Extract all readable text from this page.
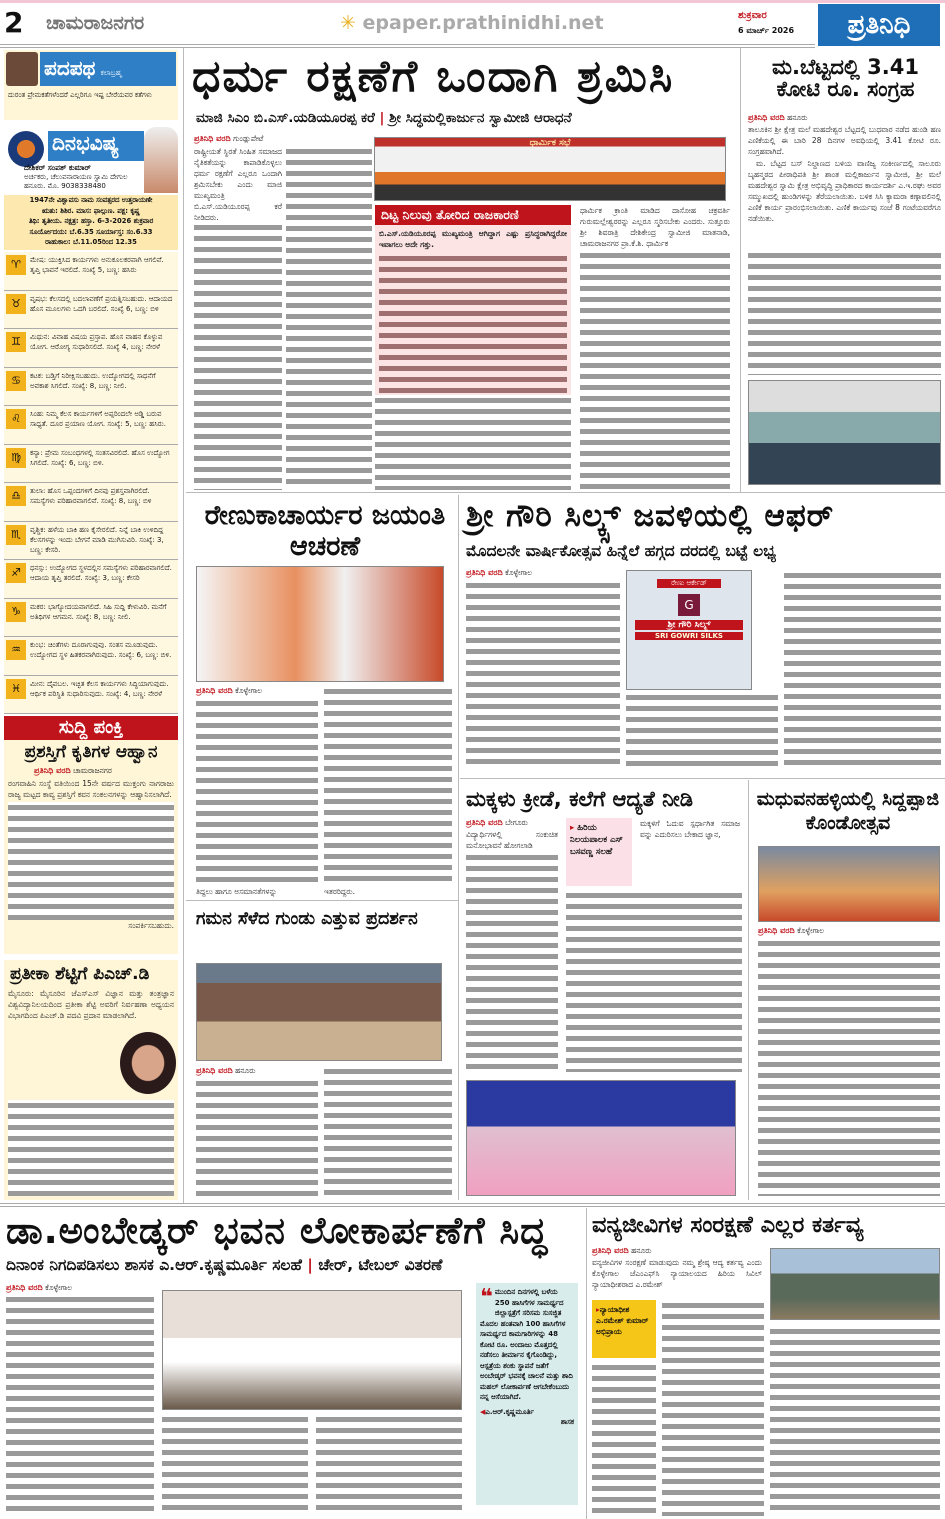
2 ಚಾಮರಾಜನಗರ	✳ epaper.prathinidhi.net	ಶುಕ್ರವಾರ
6 ಮಾರ್ಚ್ 2026	ಪ್ರತಿನಿಧಿ
ಪದಪಥ ಕಲಾಬ್ರಹ್ಮ
ದುರಂತ ಪ್ರೇಮಕತೆಗಳೆಂದರೆ ಎಲ್ಲರಿಗೂ ಇಷ್ಟ ಬೇರೆಯವರ ಕತೆಗಳು
ದಿನಭವಿಷ್ಯ
ದೇಶಿಕರ್ ಸಂಪತ್ ಕುಮಾರ್
ಅರ್ಚಕರು, ಚೆಲುವನಾರಾಯಣ ಸ್ವಾಮಿ ದೇಗುಲ ಹನೂರು. ಮೊ. 9038338480
1947ನೇ ವಿಶ್ವಾವಸು ನಾಮ ಸಂವತ್ಸರದ ಉತ್ತರಾಯಣೇ
ಋತು: ಶಿಶಿರ. ಮಾಸ: ಫಾಲ್ಗುಣ. ಪಕ್ಷ: ಕೃಷ್ಣ
ತಿಥಿ: ತೃತೀಯ. ನಕ್ಷತ್ರ: ಹಸ್ತಾ. 6-3-2026 ಶುಕ್ರವಾರ
ಸೂರ್ಯೋದಯ: ಬೆ.6.35 ಸೂರ್ಯಾಸ್ತ: ಸಂ.6.33
ರಾಹುಕಾಲ: ಬೆ.11.05ರಿಂದ 12.35
♈	ಮೇಷ: ಯುಕ್ತಿಸಿದ ಕಾರ್ಯಗಳು ಅನುಕೂಲಕರವಾಗಿ ಆಗಲಿವೆ. ತೃಪ್ತಿ ಭಾವನೆ ಇರಲಿದೆ. ಸಂಖ್ಯೆ 5, ಬಣ್ಣ: ಹಸಿರು
♉	ವೃಷಭ: ಕೆಲಸದಲ್ಲಿ ಬದಲಾವಣೆಗೆ ಪ್ರಯತ್ನಿಸಬಹುದು. ಆದಾಯದ ಹೊಸ ಮೂಲಗಳು ಒದಗಿ ಬರಲಿದೆ. ಸಂಖ್ಯೆ 6, ಬಣ್ಣ: ಬಿಳಿ
♊	ಮಿಥುನ: ವಿವಾಹ ವಿಷಯ ಪ್ರಸ್ತಾಪ. ಹೊಸ ವಾಹನ ಕೊಳ್ಳುವ ಯೋಗ. ಆರೋಗ್ಯ ಸುಧಾರಿಸಲಿದೆ. ಸಂಖ್ಯೆ 4, ಬಣ್ಣ: ನೇರಳೆ
♋	ಕಟಕ: ಬಡ್ತಿಗೆ ನಿರೀಕ್ಷಿಸಬಹುದು. ಉದ್ಯೋಗದಲ್ಲಿ ಸಾಧನೆಗೆ ಅವಕಾಶ ಸಿಗಲಿದೆ. ಸಂಖ್ಯೆ: 8, ಬಣ್ಣ: ನೀಲಿ.
♌	ಸಿಂಹ: ನಿಮ್ಮ ಕೆಲಸ ಕಾರ್ಯಗಳಿಗೆ ಅಪ್ಪರಿಂದಲೇ ಅಡ್ಡಿ ಬರುವ ಸಾಧ್ಯತೆ. ದೂರ ಪ್ರಯಾಣ ಯೋಗ. ಸಂಖ್ಯೆ: 5, ಬಣ್ಣ: ಹಸಿರು.
♍	ಕನ್ಯಾ: ಪ್ರೇಮ ಸಂಬಂಧಗಳಲ್ಲಿ ಸಂತಸವಿರಲಿದೆ. ಹೊಸ ಉದ್ಯೋಗ ಸಿಗಲಿದೆ. ಸಂಖ್ಯೆ: 6, ಬಣ್ಣ: ಬಿಳಿ.
♎	ತುಲಾ: ಹೊಸ ಒಪ್ಪಂದಗಳಿಗೆ ದಿನವು ಪ್ರಶಸ್ತವಾಗಿರಲಿದೆ. ಸಮಸ್ಯೆಗಳು ಪರಿಹಾರವಾಗಲಿವೆ. ಸಂಖ್ಯೆ: 8, ಬಣ್ಣ: ಬಿಳಿ
♏	ವೃಶ್ಚಿಕ: ಹಳೆಯ ಬಾಕಿ ಹಣ ಕೈಸೇರಲಿದೆ. ನಿನ್ನೆ ಬಾಕಿ ಉಳಿದಿದ್ದ ಕೆಲಸಗಳನ್ನು ಇಂದು ಬೇಗನೆ ಮಾಡಿ ಮುಗಿಸುವಿರಿ. ಸಂಖ್ಯೆ: 3, ಬಣ್ಣ: ಕೇಸರಿ.
♐	ಧನಸ್ಸು: ಉದ್ಯೋಗದ ಸ್ಥಳದಲ್ಲಿನ ಸಮಸ್ಯೆಗಳು ಪರಿಹಾರವಾಗಲಿದೆ. ಆದಾಯ ತೃಪ್ತಿ ತರಲಿದೆ. ಸಂಖ್ಯೆ: 3, ಬಣ್ಣ: ಕೇಸರಿ
♑	ಮಕರ: ಭಾಗ್ಯೋದಯವಾಗಲಿದೆ. ಸಿಹಿ ಸುದ್ದಿ ಕೇಳುವಿರಿ. ಮನೆಗೆ ಅತಿಥಿಗಳ ಆಗಮನ. ಸಂಖ್ಯೆ: 8, ಬಣ್ಣ: ನೀಲಿ.
♒	ಕುಂಭ: ಚಿಂತೆಗಳು ದೂರಾಗುವುವು. ಸಂತಸ ಮೂಡುವುದು. ಉದ್ಯೋಗದ ಸ್ಥಳ ಹಿತಕರವಾಗಿರುವುದು. ಸಂಖ್ಯೆ: 6, ಬಣ್ಣ: ಬಿಳಿ.
♓	ಮೀನ: ದೈವಬಲ. ಇಚ್ಛಿತ ಕೆಲಸ ಕಾರ್ಯಗಳು ಸಿದ್ಧಿಯಾಗುವುದು. ಆರ್ಥಿಕ ಪರಿಸ್ಥಿತಿ ಸುಧಾರಿಸುವುದು. ಸಂಖ್ಯೆ: 4, ಬಣ್ಣ: ನೇರಳೆ
ಸುದ್ದಿ ಪಂಕ್ತಿ
ಪ್ರಶಸ್ತಿಗೆ ಕೃತಿಗಳ ಆಹ್ವಾನ
ಪ್ರತಿನಿಧಿ ವರದಿ ಚಾಮರಾಜನಗರ
ರಂಗವಾಹಿನಿ ಸಂಸ್ಥೆ ವತಿಯಿಂದ 15ನೇ ವರ್ಷದ ಮುಕ್ತಂಗು ನಾಗರಾಜು ರಾಜ್ಯ ಮಟ್ಟದ ಕಾವ್ಯ ಪ್ರಶಸ್ತಿಗೆ ಕವನ ಸಂಕಲನಗಳನ್ನು ಆಹ್ವಾನಿಸಲಾಗಿದೆ.
ಸಂಪರ್ಕಿಸಬಹುದು.
ಪ್ರತೀಕಾ ಶೆಟ್ಟಿಗೆ ಪಿಎಚ್.ಡಿ
ಮೈಸೂರು: ಮೈಸೂರಿನ ಜೆಎಸ್‌ಎಸ್ ವಿಜ್ಞಾನ ಮತ್ತು ತಂತ್ರಜ್ಞಾನ ವಿಶ್ವವಿದ್ಯಾನಿಲಯದಿಂದ ಪ್ರತೀಕಾ ಶೆಟ್ಟಿ ಅವರಿಗೆ ನಿರ್ವಹಣಾ ಅಧ್ಯಯನ ವಿಭಾಗದಿಂದ ಪಿಎಚ್.ಡಿ ಪದವಿ ಪ್ರದಾನ ಮಾಡಲಾಗಿದೆ.
ಧರ್ಮ ರಕ್ಷಣೆಗೆ ಒಂದಾಗಿ ಶ್ರಮಿಸಿ
ಮಾಜಿ ಸಿಎಂ ಬಿ.ಎಸ್.ಯಡಿಯೂರಪ್ಪ ಕರೆ | ಶ್ರೀ ಸಿದ್ಧಮಲ್ಲಿಕಾರ್ಜುನ ಸ್ವಾಮೀಜಿ ಆರಾಧನೆ
ಪ್ರತಿನಿಧಿ ವರದಿ ಗುಂಡ್ಲುಪೇಟೆ
ರಾಷ್ಟ್ರೀಯತೆ ಸ್ಥಿರತೆ ಸಿಂಹಿತ ಸಮಾಜದ ನೈತಿಕತೆಯನ್ನು ಕಾಪಾಡಿಕೊಳ್ಳಲು ಧರ್ಮ ರಕ್ಷಣೆಗೆ ಎಲ್ಲರೂ ಒಂದಾಗಿ ಶ್ರಮಿಸಬೇಕು ಎಂದು ಮಾಜಿ ಮುಖ್ಯಮಂತ್ರಿ ಬಿ.ಎಸ್.ಯಡಿಯೂರಪ್ಪ ಕರೆ ನೀಡಿದರು.
ಧಾರ್ಮಿಕ ಸಭೆ
ದಿಟ್ಟ ನಿಲುವು ತೋರಿದ ರಾಜಕಾರಣಿ
ಬಿ.ಎಸ್.ಯಡಿಯೂರಪ್ಪ ಮುಖ್ಯಮಂತ್ರಿ ಆಗಿದ್ದಾಗ ಎಷ್ಟು ಪ್ರಸಿದ್ಧರಾಗಿದ್ದರೋ ಇವಾಗಲು ಅದೇ ಗತ್ತು.
ಧಾರ್ಮಿಕ ಕ್ರಾಂತಿ ಮಾಡಿದ ದಾಸೋಹ ಚಕ್ರವರ್ತಿ ಗುರುಮಲ್ಲೇಶ್ವರರನ್ನು ಎಲ್ಲರೂ ಸ್ಮರಿಸಬೇಕು ಎಂದರು. ಸುತ್ತೂರು ಶ್ರೀ ಶಿವರಾತ್ರಿ ದೇಶಿಕೇಂದ್ರ ಸ್ವಾಮೀಜಿ ಮಾತನಾಡಿ, ಚಾಮರಾಜನಗರ ಪ್ರಾ.ಕೆ.ಶಿ. ಧಾರ್ಮಿಕ
ಮ.ಬೆಟ್ಟದಲ್ಲಿ 3.41 ಕೋಟಿ ರೂ. ಸಂಗ್ರಹ
ಪ್ರತಿನಿಧಿ ವರದಿ ಹನೂರು
ತಾಲೂಕಿನ ಶ್ರೀ ಕ್ಷೇತ್ರ ಮಲೆ ಮಹದೇಶ್ವರ ಬೆಟ್ಟದಲ್ಲಿ ಬುಧವಾರ ನಡೆದ ಹುಂಡಿ ಹಣ ಎಣಿಕೆಯಲ್ಲಿ ಈ ಬಾರಿ 28 ದಿನಗಳ ಅವಧಿಯಲ್ಲಿ 3.41 ಕೋಟಿ ರೂ. ಸಂಗ್ರಹವಾಗಿದೆ.
ಮ. ಬೆಟ್ಟದ ಬಸ್ ನಿಲ್ದಾಣದ ಬಳಿಯ ವಾಣಿಜ್ಯ ಸಂಕೀರ್ಣದಲ್ಲಿ ಸಾಲೂರು ಬೃಹನ್ಮಠದ ಪೀಠಾಧಿಪತಿ ಶ್ರೀ ಶಾಂತ ಮಲ್ಲಿಕಾರ್ಜುನ ಸ್ವಾಮೀಜಿ, ಶ್ರೀ ಮಲೆ ಮಹದೇಶ್ವರ ಸ್ವಾಮಿ ಕ್ಷೇತ್ರ ಅಭಿವೃದ್ಧಿ ಪ್ರಾಧಿಕಾರದ ಕಾರ್ಯದರ್ಶಿ ಎ.ಇ.ರಘು ಅವರ ಸಮ್ಮುಖದಲ್ಲಿ ಹುಂಡಿಗಳನ್ನು ತೆರೆಯಲಾಯಿತು. ಬಳಿಕ ಸಿಸಿ ಕ್ಯಾಮರಾ ಕಣ್ಗಾವಲಿನಲ್ಲಿ ಎಣಿಕೆ ಕಾರ್ಯ ಪ್ರಾರಂಭಿಸಲಾಯಿತು. ಎಣಿಕೆ ಕಾರ್ಯವು ಸಂಜೆ 8 ಗಂಟೆಯವರೆಗೂ ನಡೆಯಿತು.
ರೇಣುಕಾಚಾರ್ಯರ ಜಯಂತಿ ಆಚರಣೆ
ಪ್ರತಿನಿಧಿ ವರದಿ ಕೊಳ್ಳೇಗಾಲ
ತಿದ್ದಲು ಹಾಗೂ ಅಸಮಾನತೆಗಳನ್ನು	ಇತರರಿದ್ದರು.
ಶ್ರೀ ಗೌರಿ ಸಿಲ್ಕ್ಸ್ ಜವಳಿಯಲ್ಲಿ ಆಫರ್
ಮೊದಲನೇ ವಾರ್ಷಿಕೋತ್ಸವ ಹಿನ್ನೆಲೆ ಹಗ್ಗದ ದರದಲ್ಲಿ ಬಟ್ಟೆ ಲಭ್ಯ
ಪ್ರತಿನಿಧಿ ವರದಿ ಕೊಳ್ಳೇಗಾಲ
ರೇಣು ಆರ್ಕೇಡ್
G
ಶ್ರೀ ಗೌರಿ ಸಿಲ್ಕ್ಸ್
SRI GOWRI SILKS
ಗಮನ ಸೆಳೆದ ಗುಂಡು ಎತ್ತುವ ಪ್ರದರ್ಶನ
ಪ್ರತಿನಿಧಿ ವರದಿ ಹನೂರು
ಮಕ್ಕಳು ಕ್ರೀಡೆ, ಕಲೆಗೆ ಆದ್ಯತೆ ನೀಡಿ
ಪ್ರತಿನಿಧಿ ವರದಿ ಬೇಗೂರು
ವಿದ್ಯಾರ್ಥಿಗಳಲ್ಲಿ ಸಂಕುಚಿತ ಮನೋಭಾವನೆ ಹೋಗಲಾಡಿ
▸ ಹಿರಿಯ ನಿಲಯಪಾಲಕ ಎಸ್ ಬಸವಣ್ಣ ಸಲಹೆ
ಮಕ್ಕಳಿಗೆ ಓದುವ ಸ್ಪರ್ಧಾಗಿತ ಸಮಾಜ ವನ್ನು ಎದುರಿಸಲು ಬೇಕಾದ ಜ್ಞಾನ,
ಮಧುವನಹಳ್ಳಿಯಲ್ಲಿ ಸಿದ್ದಪ್ಪಾಜಿ ಕೊಂಡೋತ್ಸವ
ಪ್ರತಿನಿಧಿ ವರದಿ ಕೊಳ್ಳೇಗಾಲ
ಡಾ.ಅಂಬೇಡ್ಕರ್ ಭವನ ಲೋಕಾರ್ಪಣೆಗೆ ಸಿದ್ಧ
ದಿನಾಂಕ ನಿಗದಿಪಡಿಸಲು ಶಾಸಕ ಎ.ಆರ್.ಕೃಷ್ಣಮೂರ್ತಿ ಸಲಹೆ | ಚೇರ್, ಟೇಬಲ್ ವಿತರಣೆ
ಪ್ರತಿನಿಧಿ ವರದಿ ಕೊಳ್ಳೇಗಾಲ	❝ ಮುಂದಿನ ದಿನಗಳಲ್ಲಿ ಬಳೆಯ 250 ಹಾಸಿಗೆಗಳ ಸಾಮರ್ಥ್ಯದ ಜಿಲ್ಲಾಸ್ಪತ್ರೆಗೆ ಸರಿಸಮ ಸುಸಜ್ಜಿತ ಮೊದಲ ಹಂತವಾಗಿ 100 ಹಾಸಿಗೆಗಳ ಸಾಮರ್ಥ್ಯದ ಕಾಮಗಾರಿಗಳನ್ನು 48 ಕೋಟಿ ರೂ. ಅಂದಾಜು ಮೊತ್ತದಲ್ಲಿ ನಡೆಸಲು ತೀರ್ಮಾನ ಕೈಗೊಂಡಿದ್ದು, ಆಸ್ಪತ್ರೆಯ ಶಂಕು ಸ್ಥಾಪನೆ ಜತೆಗೆ ಅಂಬೇಡ್ಕರ್ ಭವನಕ್ಕೆ ಚಾಲನೆ ಮತ್ತು ಶಾದಿ ಮಹಲ್ ಲೋಕಾರ್ಪಣೆ ಆಗಬೇಕೆಂಬುದು ನನ್ನ ಆಸೆಯಾಗಿದೆ.
◀ಎ.ಆರ್.ಕೃಷ್ಣಮೂರ್ತಿ
ಶಾಸಕ
ವನ್ಯಜೀವಿಗಳ ಸಂರಕ್ಷಣೆ ಎಲ್ಲರ ಕರ್ತವ್ಯ
ಪ್ರತಿನಿಧಿ ವರದಿ ಹನೂರು
ವನ್ಯಜೀವಿಗಳ ಸಂರಕ್ಷಣೆ ಮಾಡುವುದು ನಮ್ಮ ಶ್ರೇಷ್ಠ ಆದ್ಯ ಕರ್ತವ್ಯ ಎಂದು ಕೊಳ್ಳೇಗಾಲ ಜೆಎಂಎಫ್‌ಸಿ ನ್ಯಾಯಾಲಯದ ಹಿರಿಯ ಸಿವಿಲ್ ನ್ಯಾಯಾಧೀಶರಾದ ಎ.ರಮೇಶ್
▸ನ್ಯಾಯಾಧೀಶ ಎ.ರಮೇಶ್ ಕುಮಾರ್ ಅಭಿಪ್ರಾಯ
